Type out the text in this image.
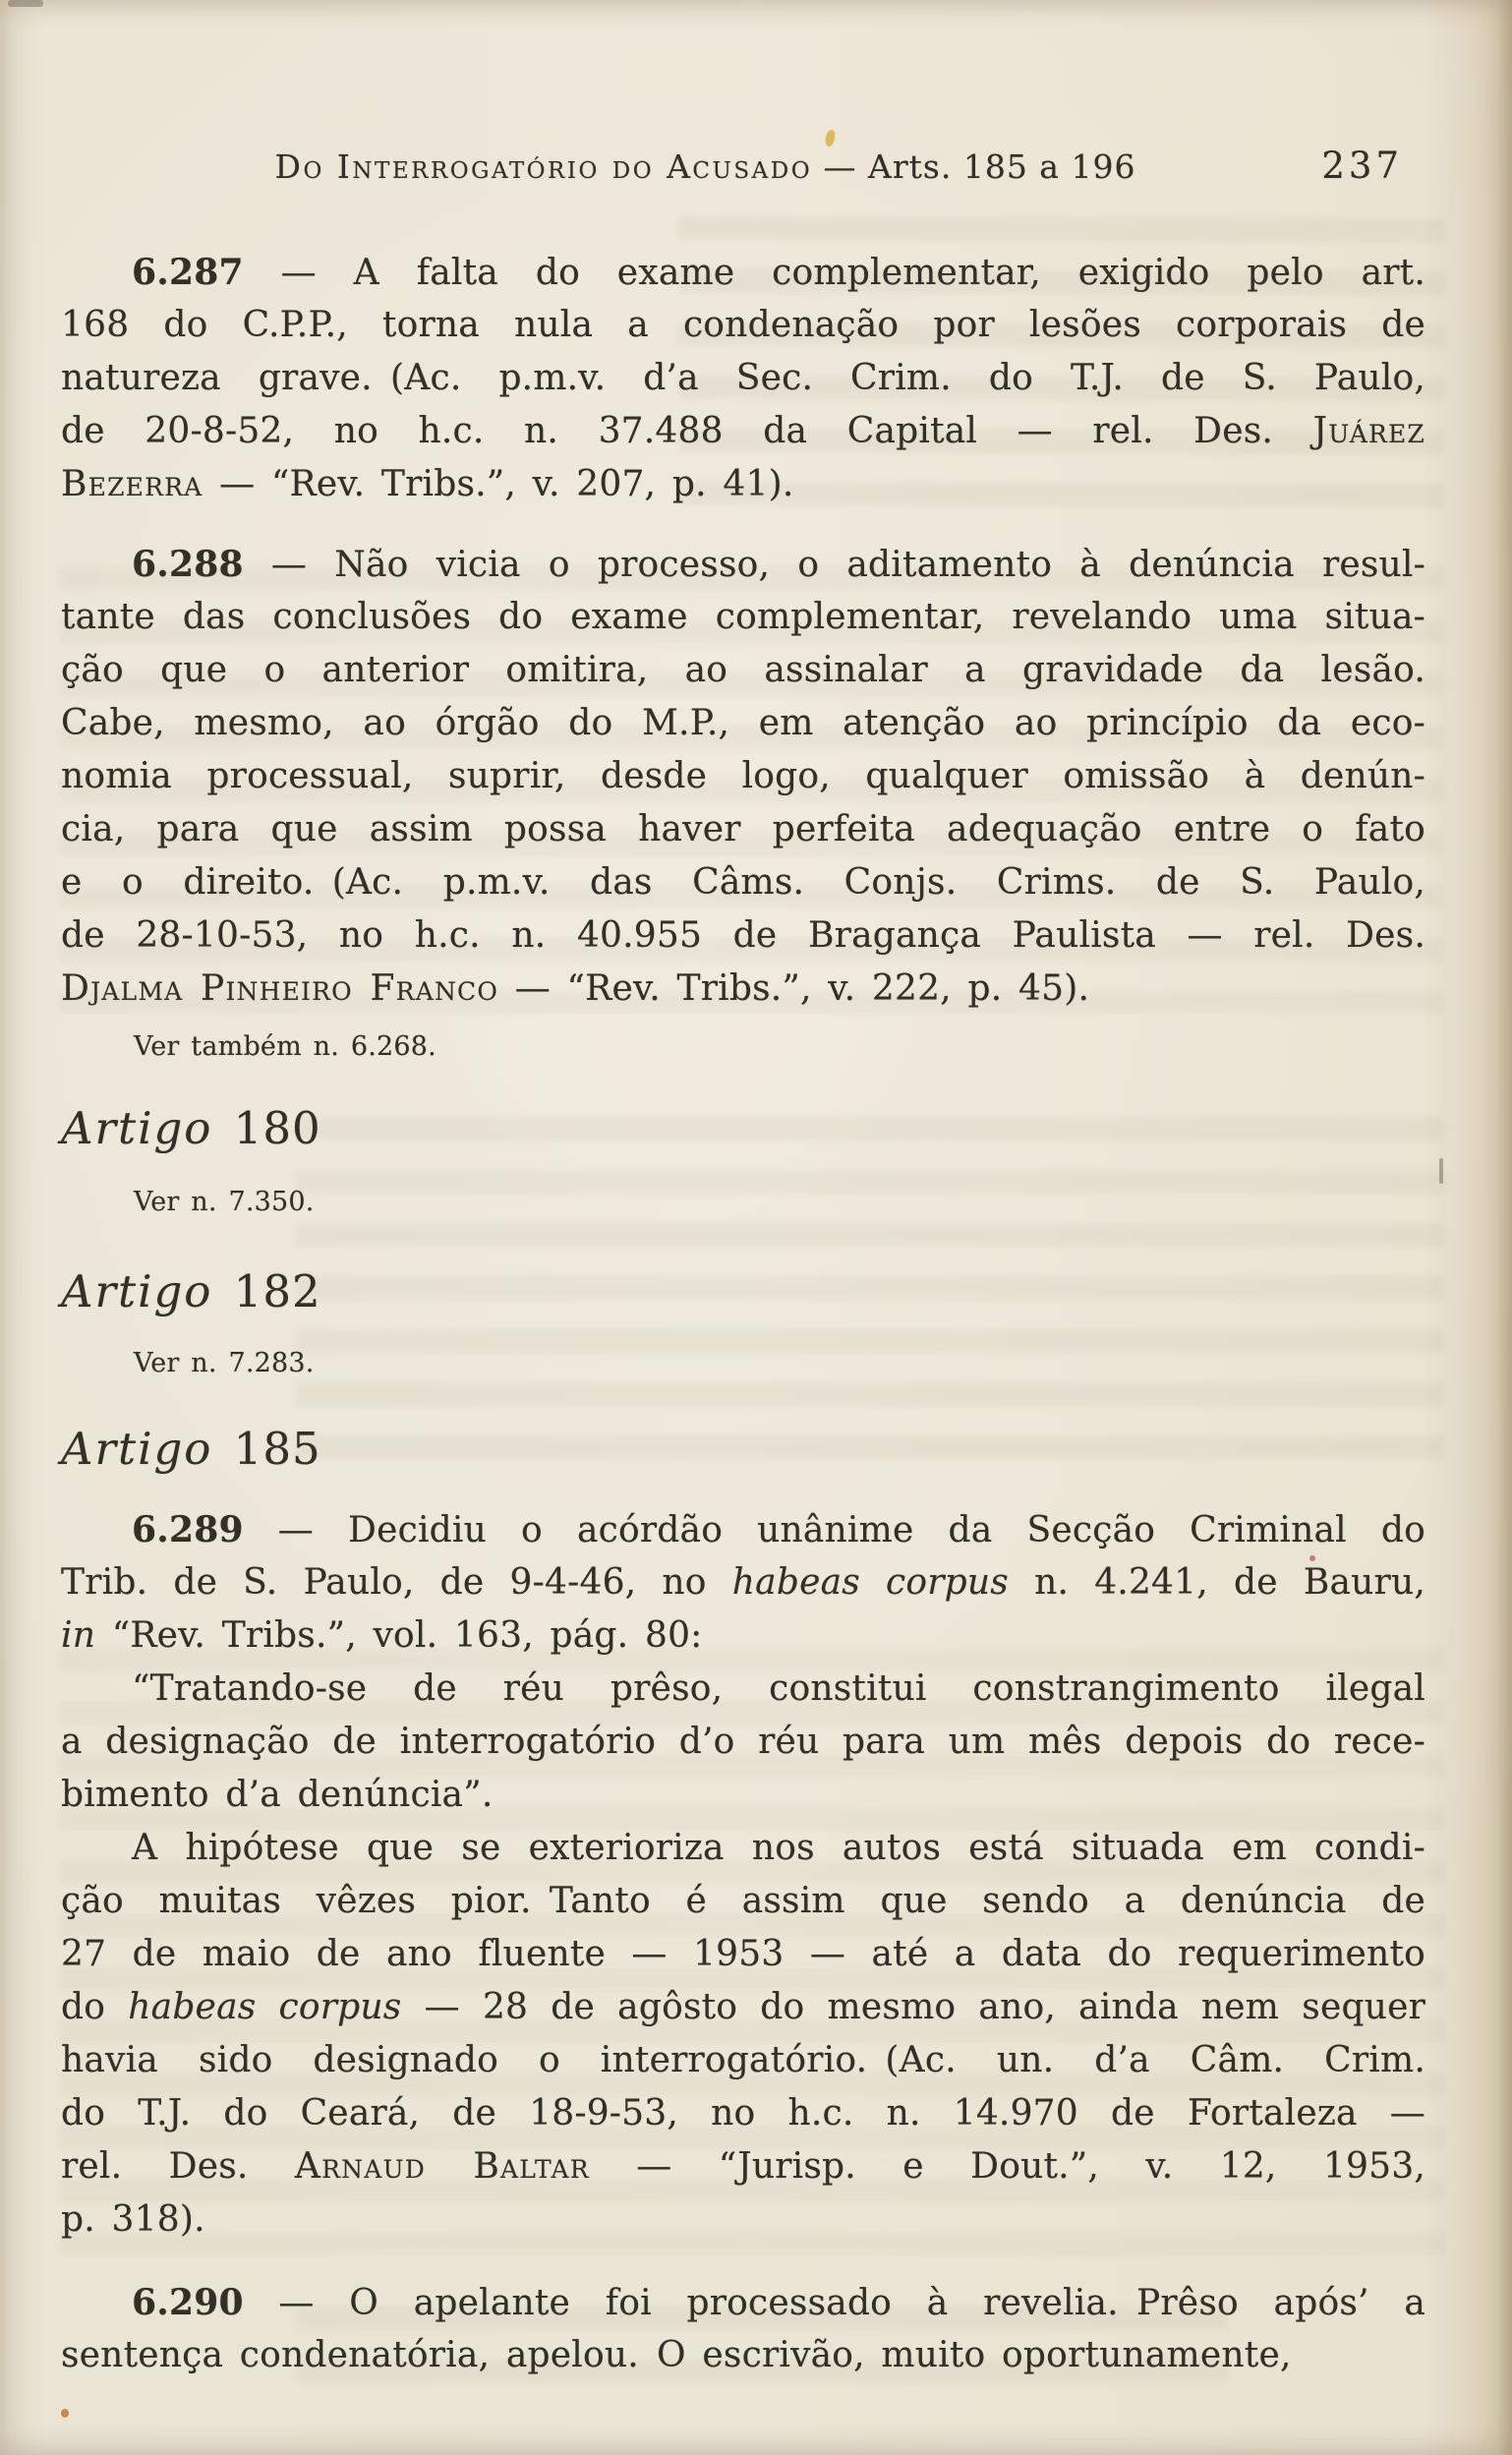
Do Interrogatório do Acusado — Arts. 185 a 196	237
6.287 — A falta do exame complementar, exigido pelo art.
168 do C.P.P., torna nula a condenação por lesões corporais de
natureza grave. (Ac. p.m.v. d’a Sec. Crim. do T.J. de S. Paulo,
de 20-8-52, no h.c. n. 37.488 da Capital — rel. Des. Juárez
Bezerra — “Rev. Tribs.”, v. 207, p. 41).
6.288 — Não vicia o processo, o aditamento à denúncia resul-
tante das conclusões do exame complementar, revelando uma situa-
ção que o anterior omitira, ao assinalar a gravidade da lesão.
Cabe, mesmo, ao órgão do M.P., em atenção ao princípio da eco-
nomia processual, suprir, desde logo, qualquer omissão à denún-
cia, para que assim possa haver perfeita adequação entre o fato
e o direito. (Ac. p.m.v. das Câms. Conjs. Crims. de S. Paulo,
de 28-10-53, no h.c. n. 40.955 de Bragança Paulista — rel. Des.
Djalma Pinheiro Franco — “Rev. Tribs.”, v. 222, p. 45).
Ver também n. 6.268.
Artigo 180
Ver n. 7.350.
Artigo 182
Ver n. 7.283.
Artigo 185
6.289 — Decidiu o acórdão unânime da Secção Criminal do
Trib. de S. Paulo, de 9-4-46, no habeas corpus n. 4.241, de Bauru,
in “Rev. Tribs.”, vol. 163, pág. 80:
“Tratando-se de réu prêso, constitui constrangimento ilegal
a designação de interrogatório d’o réu para um mês depois do rece-
bimento d’a denúncia”.
A hipótese que se exterioriza nos autos está situada em condi-
ção muitas vêzes pior. Tanto é assim que sendo a denúncia de
27 de maio de ano fluente — 1953 — até a data do requerimento
do habeas corpus — 28 de agôsto do mesmo ano, ainda nem sequer
havia sido designado o interrogatório. (Ac. un. d’a Câm. Crim.
do T.J. do Ceará, de 18-9-53, no h.c. n. 14.970 de Fortaleza —
rel. Des. Arnaud Baltar — “Jurisp. e Dout.”, v. 12, 1953,
p. 318).
6.290 — O apelante foi processado à revelia. Prêso após’ a
sentença condenatória, apelou. O escrivão, muito oportunamente,
